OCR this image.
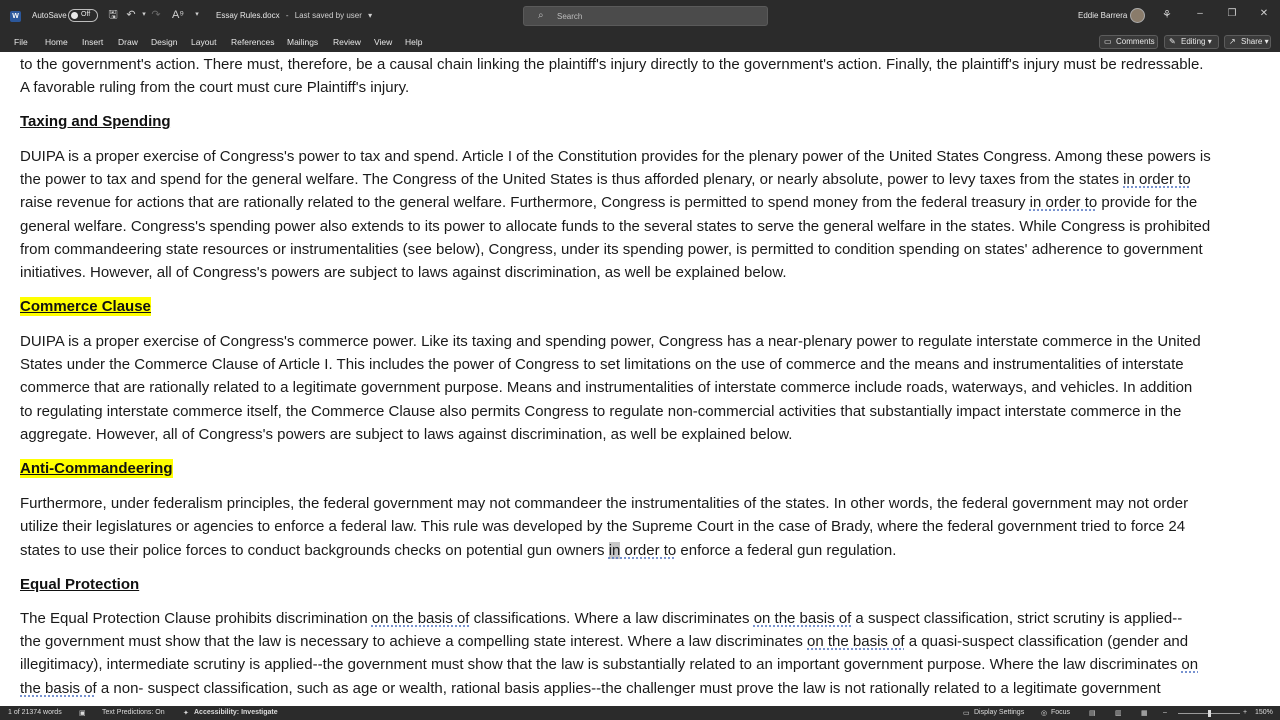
W AutoSave Off 🖫 ↶ ▾ ↷ A⁹	▾	Essay Rules.docx - Last saved by user ▾	⌕ Search	Eddie Barrera	⚘	–	❐ ✕
File Home Insert Draw Design Layout References Mailings Review View Help	▭ Comments	✎ Editing ▾	↗ Share ▾
to the government's action. There must, therefore, be a causal chain linking the plaintiff's injury directly to the government's action. Finally, the plaintiff's injury must be redressable.
A favorable ruling from the court must cure Plaintiff's injury.
Taxing and Spending
DUIPA is a proper exercise of Congress's power to tax and spend. Article I of the Constitution provides for the plenary power of the United States Congress. Among these powers is
the power to tax and spend for the general welfare. The Congress of the United States is thus afforded plenary, or nearly absolute, power to levy taxes from the states in order to
raise revenue for actions that are rationally related to the general welfare. Furthermore, Congress is permitted to spend money from the federal treasury in order to provide for the
general welfare. Congress's spending power also extends to its power to allocate funds to the several states to serve the general welfare in the states. While Congress is prohibited
from commandeering state resources or instrumentalities (see below), Congress, under its spending power, is permitted to condition spending on states' adherence to government
initiatives. However, all of Congress's powers are subject to laws against discrimination, as well be explained below.
Commerce Clause
DUIPA is a proper exercise of Congress's commerce power. Like its taxing and spending power, Congress has a near-plenary power to regulate interstate commerce in the United
States under the Commerce Clause of Article I. This includes the power of Congress to set limitations on the use of commerce and the means and instrumentalities of interstate
commerce that are rationally related to a legitimate government purpose. Means and instrumentalities of interstate commerce include roads, waterways, and vehicles. In addition
to regulating interstate commerce itself, the Commerce Clause also permits Congress to regulate non-commercial activities that substantially impact interstate commerce in the
aggregate. However, all of Congress's powers are subject to laws against discrimination, as well be explained below.
Anti-Commandeering
Furthermore, under federalism principles, the federal government may not commandeer the instrumentalities of the states. In other words, the federal government may not order
utilize their legislatures or agencies to enforce a federal law. This rule was developed by the Supreme Court in the case of Brady, where the federal government tried to force 24
states to use their police forces to conduct backgrounds checks on potential gun owners in order to enforce a federal gun regulation.
Equal Protection
The Equal Protection Clause prohibits discrimination on the basis of classifications. Where a law discriminates on the basis of a suspect classification, strict scrutiny is applied--
the government must show that the law is necessary to achieve a compelling state interest. Where a law discriminates on the basis of a quasi-suspect classification (gender and
illegitimacy), intermediate scrutiny is applied--the government must show that the law is substantially related to an important government purpose. Where the law discriminates on
the basis of a non- suspect classification, such as age or wealth, rational basis applies--the challenger must prove the law is not rationally related to a legitimate government
1 of 21374 words ▣ Text Predictions: On	✦ Accessibility: Investigate	▭ Display Settings ◎ Focus	▤	▥	▦ –	+ 150%
